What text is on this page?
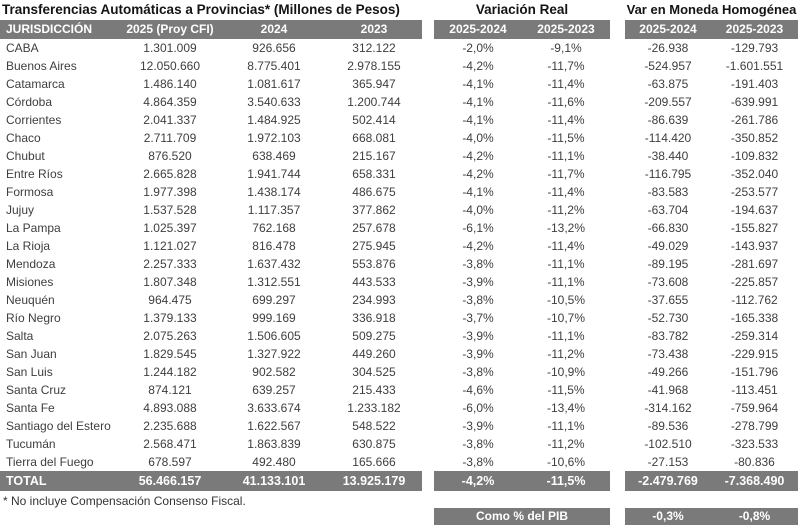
Transferencias Automáticas a Provincias* (Millones de Pesos)	Variación Real	Var en Moneda Homogénea
JURISDICCIÓN	2025 (Proy CFI)	2024	2023	2025-2024	2025-2023	2025-2024	2025-2023
CABA	1.301.009	926.656	312.122	-2,0%	-9,1%	-26.938	-129.793
Buenos Aires	12.050.660	8.775.401	2.978.155	-4,2%	-11,7%	-524.957	-1.601.551
Catamarca	1.486.140	1.081.617	365.947	-4,1%	-11,4%	-63.875	-191.403
Córdoba	4.864.359	3.540.633	1.200.744	-4,1%	-11,6%	-209.557	-639.991
Corrientes	2.041.337	1.484.925	502.414	-4,1%	-11,4%	-86.639	-261.786
Chaco	2.711.709	1.972.103	668.081	-4,0%	-11,5%	-114.420	-350.852
Chubut	876.520	638.469	215.167	-4,2%	-11,1%	-38.440	-109.832
Entre Ríos	2.665.828	1.941.744	658.331	-4,2%	-11,7%	-116.795	-352.040
Formosa	1.977.398	1.438.174	486.675	-4,1%	-11,4%	-83.583	-253.577
Jujuy	1.537.528	1.117.357	377.862	-4,0%	-11,2%	-63.704	-194.637
La Pampa	1.025.397	762.168	257.678	-6,1%	-13,2%	-66.830	-155.827
La Rioja	1.121.027	816.478	275.945	-4,2%	-11,4%	-49.029	-143.937
Mendoza	2.257.333	1.637.432	553.876	-3,8%	-11,1%	-89.195	-281.697
Misiones	1.807.348	1.312.551	443.533	-3,9%	-11,1%	-73.608	-225.857
Neuquén	964.475	699.297	234.993	-3,8%	-10,5%	-37.655	-112.762
Río Negro	1.379.133	999.169	336.918	-3,7%	-10,7%	-52.730	-165.338
Salta	2.075.263	1.506.605	509.275	-3,9%	-11,1%	-83.782	-259.314
San Juan	1.829.545	1.327.922	449.260	-3,9%	-11,2%	-73.438	-229.915
San Luis	1.244.182	902.582	304.525	-3,8%	-10,9%	-49.266	-151.796
Santa Cruz	874.121	639.257	215.433	-4,6%	-11,5%	-41.968	-113.451
Santa Fe	4.893.088	3.633.674	1.233.182	-6,0%	-13,4%	-314.162	-759.964
Santiago del Estero	2.235.688	1.622.567	548.522	-3,9%	-11,1%	-89.536	-278.799
Tucumán	2.568.471	1.863.839	630.875	-3,8%	-11,2%	-102.510	-323.533
Tierra del Fuego	678.597	492.480	165.666	-3,8%	-10,6%	-27.153	-80.836
TOTAL	56.466.157	41.133.101	13.925.179	-4,2%	-11,5%	-2.479.769	-7.368.490
* No incluye Compensación Consenso Fiscal.
Como % del PIB	-0,3%	-0,8%
